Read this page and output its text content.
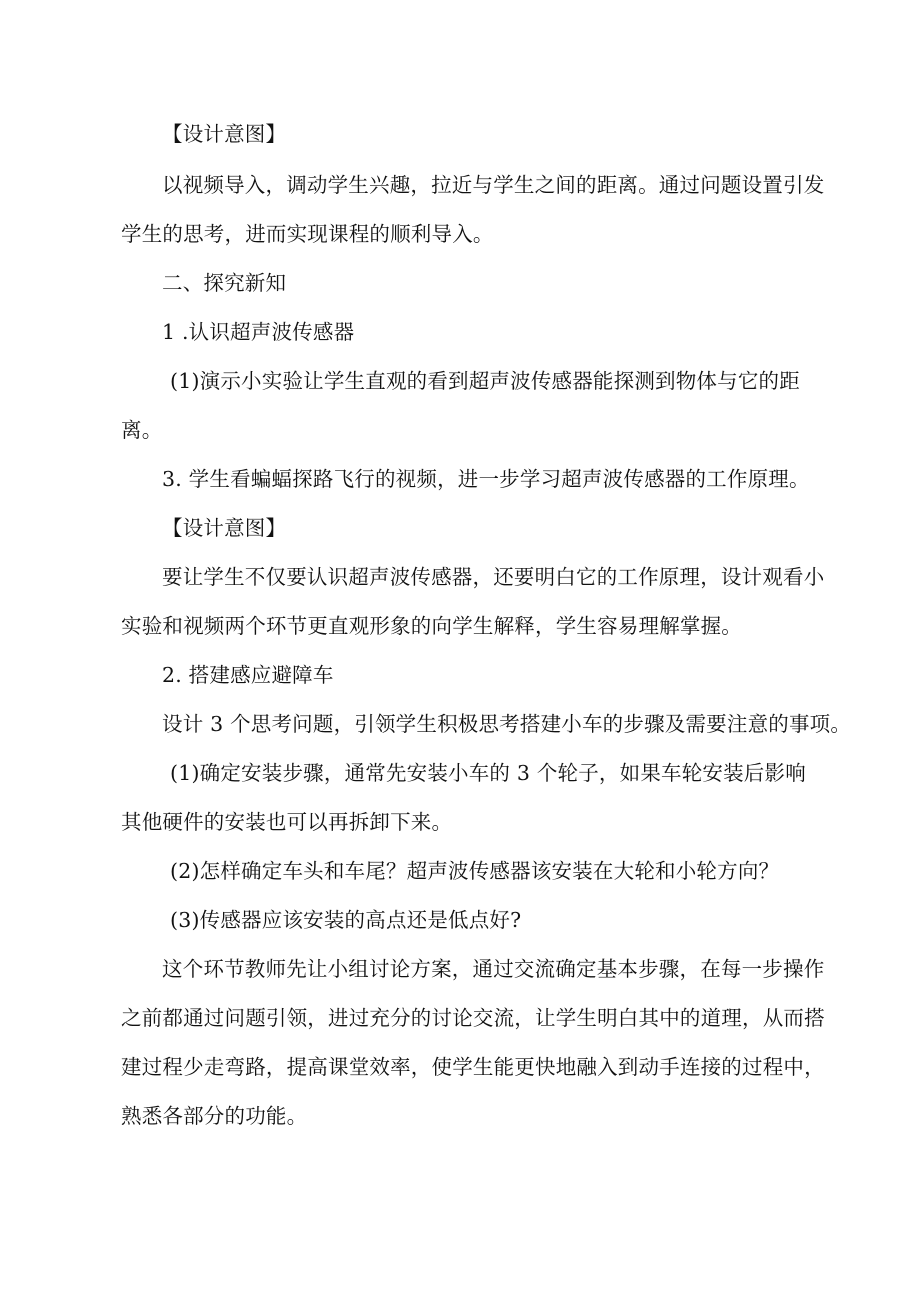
【设计意图】
以视频导入，调动学生兴趣，拉近与学生之间的距离。通过问题设置引发
学生的思考，进而实现课程的顺利导入。
二、探究新知
1 .认识超声波传感器
(1)演示小实验让学生直观的看到超声波传感器能探测到物体与它的距
离。
3. 学生看蝙蝠探路飞行的视频，进一步学习超声波传感器的工作原理。
【设计意图】
要让学生不仅要认识超声波传感器，还要明白它的工作原理，设计观看小
实验和视频两个环节更直观形象的向学生解释，学生容易理解掌握。
2. 搭建感应避障车
设计 3 个思考问题，引领学生积极思考搭建小车的步骤及需要注意的事项。
(1)确定安装步骤，通常先安装小车的 3 个轮子，如果车轮安装后影响
其他硬件的安装也可以再拆卸下来。
(2)怎样确定车头和车尾？超声波传感器该安装在大轮和小轮方向？
(3)传感器应该安装的高点还是低点好?
这个环节教师先让小组讨论方案，通过交流确定基本步骤，在每一步操作
之前都通过问题引领，进过充分的讨论交流，让学生明白其中的道理，从而搭
建过程少走弯路，提高课堂效率，使学生能更快地融入到动手连接的过程中，
熟悉各部分的功能。
